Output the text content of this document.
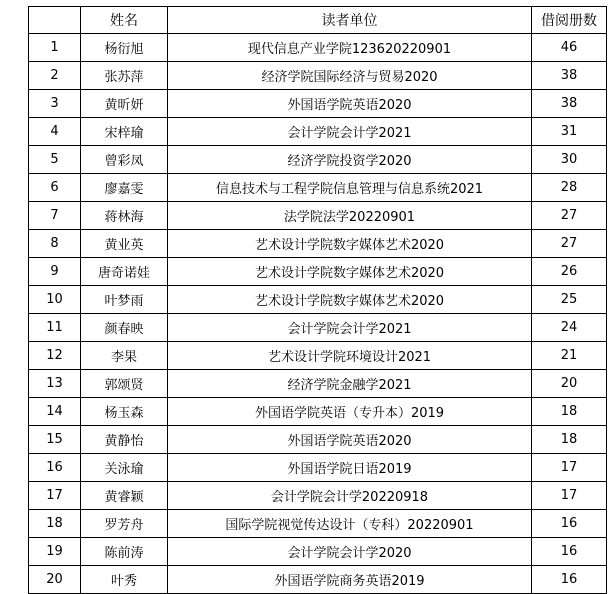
	姓名	读者单位	借阅册数
1	杨衍旭	现代信息产业学院123620220901	46
2	张苏萍	经济学院国际经济与贸易2020	38
3	黄昕妍	外国语学院英语2020	38
4	宋梓瑜	会计学院会计学2021	31
5	曾彩凤	经济学院投资学2020	30
6	廖嘉雯	信息技术与工程学院信息管理与信息系统2021	28
7	蒋林海	法学院法学20220901	27
8	黄业英	艺术设计学院数字媒体艺术2020	27
9	唐奇诺娃	艺术设计学院数字媒体艺术2020	26
10	叶梦雨	艺术设计学院数字媒体艺术2020	25
11	颜春映	会计学院会计学2021	24
12	李果	艺术设计学院环境设计2021	21
13	郭颂贤	经济学院金融学2021	20
14	杨玉森	外国语学院英语（专升本）2019	18
15	黄静怡	外国语学院英语2020	18
16	关泳瑜	外国语学院日语2019	17
17	黄睿颖	会计学院会计学20220918	17
18	罗芳舟	国际学院视觉传达设计（专科）20220901	16
19	陈前涛	会计学院会计学2020	16
20	叶秀	外国语学院商务英语2019	16
